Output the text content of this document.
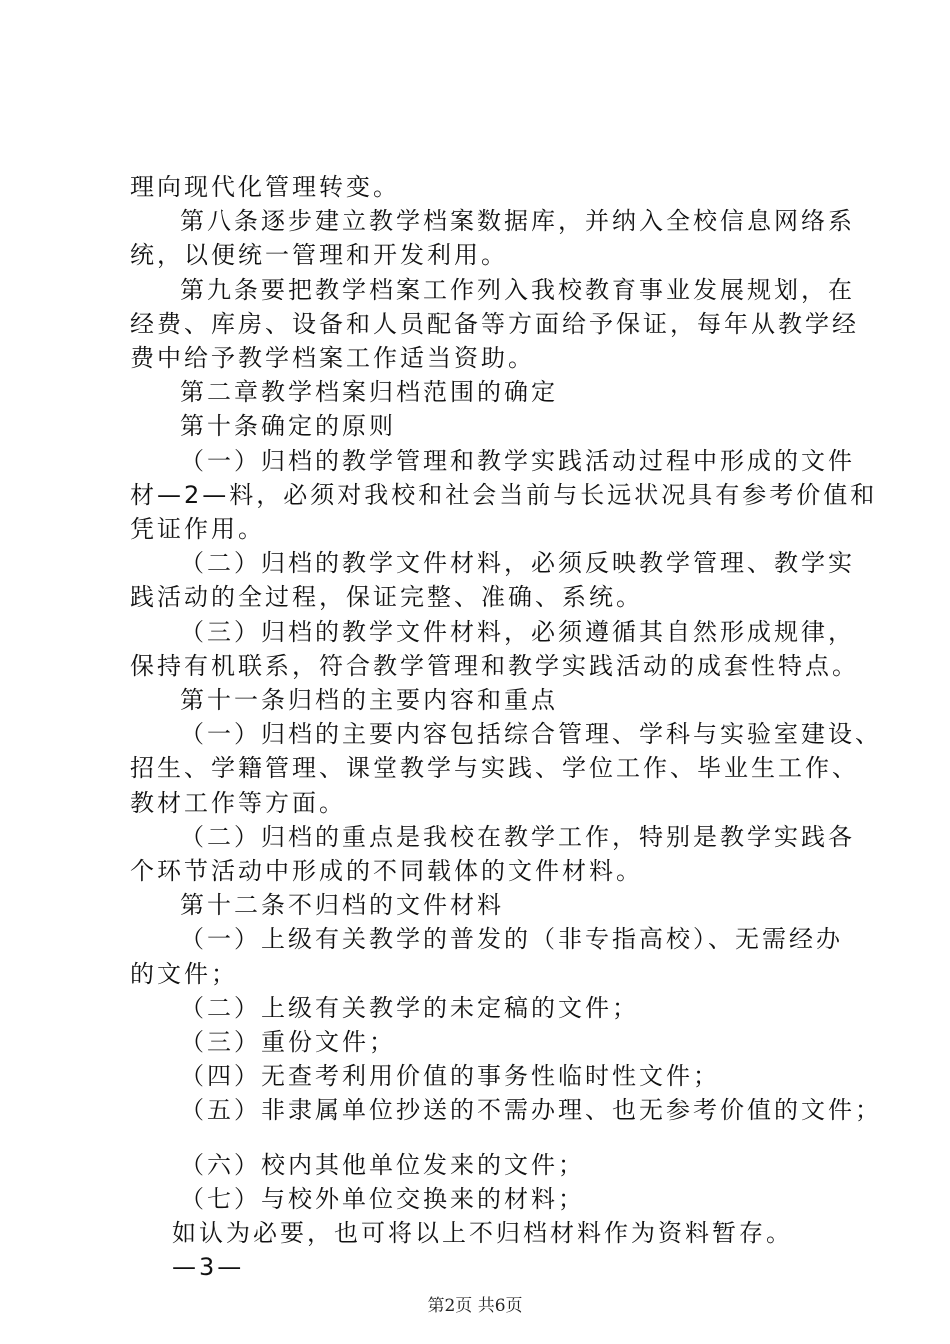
理向现代化管理转变。
第八条逐步建立教学档案数据库，并纳入全校信息网络系
统，以便统一管理和开发利用。
第九条要把教学档案工作列入我校教育事业发展规划，在
经费、库房、设备和人员配备等方面给予保证，每年从教学经
费中给予教学档案工作适当资助。
第二章教学档案归档范围的确定
第十条确定的原则
（一）归档的教学管理和教学实践活动过程中形成的文件
材—2—料，必须对我校和社会当前与长远状况具有参考价值和
凭证作用。
（二）归档的教学文件材料，必须反映教学管理、教学实
践活动的全过程，保证完整、准确、系统。
（三）归档的教学文件材料，必须遵循其自然形成规律，
保持有机联系，符合教学管理和教学实践活动的成套性特点。
第十一条归档的主要内容和重点
（一）归档的主要内容包括综合管理、学科与实验室建设、
招生、学籍管理、课堂教学与实践、学位工作、毕业生工作、
教材工作等方面。
（二）归档的重点是我校在教学工作，特别是教学实践各
个环节活动中形成的不同载体的文件材料。
第十二条不归档的文件材料
（一）上级有关教学的普发的（非专指高校）、无需经办
的文件；
（二）上级有关教学的未定稿的文件；
（三）重份文件；
（四）无查考利用价值的事务性临时性文件；
（五）非隶属单位抄送的不需办理、也无参考价值的文件；
（六）校内其他单位发来的文件；
（七）与校外单位交换来的材料；
如认为必要，也可将以上不归档材料作为资料暂存。
—3—
第2页 共6页
